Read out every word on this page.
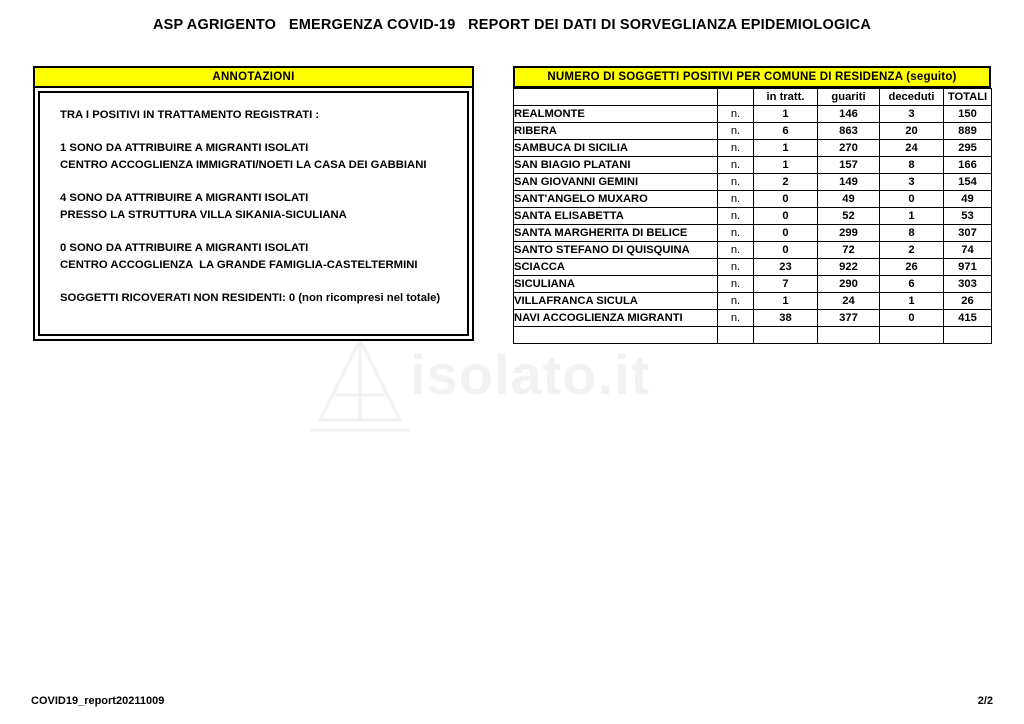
ASP AGRIGENTO   EMERGENZA COVID-19   REPORT DEI DATI DI SORVEGLIANZA EPIDEMIOLOGICA
isolato.it
ANNOTAZIONI
TRA I POSITIVI IN TRATTAMENTO REGISTRATI :
1 SONO DA ATTRIBUIRE A MIGRANTI ISOLATI
CENTRO ACCOGLIENZA IMMIGRATI/NOETI LA CASA DEI GABBIANI
4 SONO DA ATTRIBUIRE A MIGRANTI ISOLATI
PRESSO LA STRUTTURA VILLA SIKANIA-SICULIANA
0 SONO DA ATTRIBUIRE A MIGRANTI ISOLATI
CENTRO ACCOGLIENZA  LA GRANDE FAMIGLIA-CASTELTERMINI
SOGGETTI RICOVERATI NON RESIDENTI: 0 (non ricompresi nel totale)
NUMERO DI SOGGETTI POSITIVI PER COMUNE DI RESIDENZA (seguito)
		in tratt.	guariti	deceduti	TOTALI
REALMONTE	n.	1	146	3	150
RIBERA	n.	6	863	20	889
SAMBUCA DI SICILIA	n.	1	270	24	295
SAN BIAGIO PLATANI	n.	1	157	8	166
SAN GIOVANNI GEMINI	n.	2	149	3	154
SANT'ANGELO MUXARO	n.	0	49	0	49
SANTA ELISABETTA	n.	0	52	1	53
SANTA MARGHERITA DI BELICE	n.	0	299	8	307
SANTO STEFANO DI QUISQUINA	n.	0	72	2	74
SCIACCA	n.	23	922	26	971
SICULIANA	n.	7	290	6	303
VILLAFRANCA SICULA	n.	1	24	1	26
NAVI ACCOGLIENZA MIGRANTI	n.	38	377	0	415

COVID19_report20211009	2/2
